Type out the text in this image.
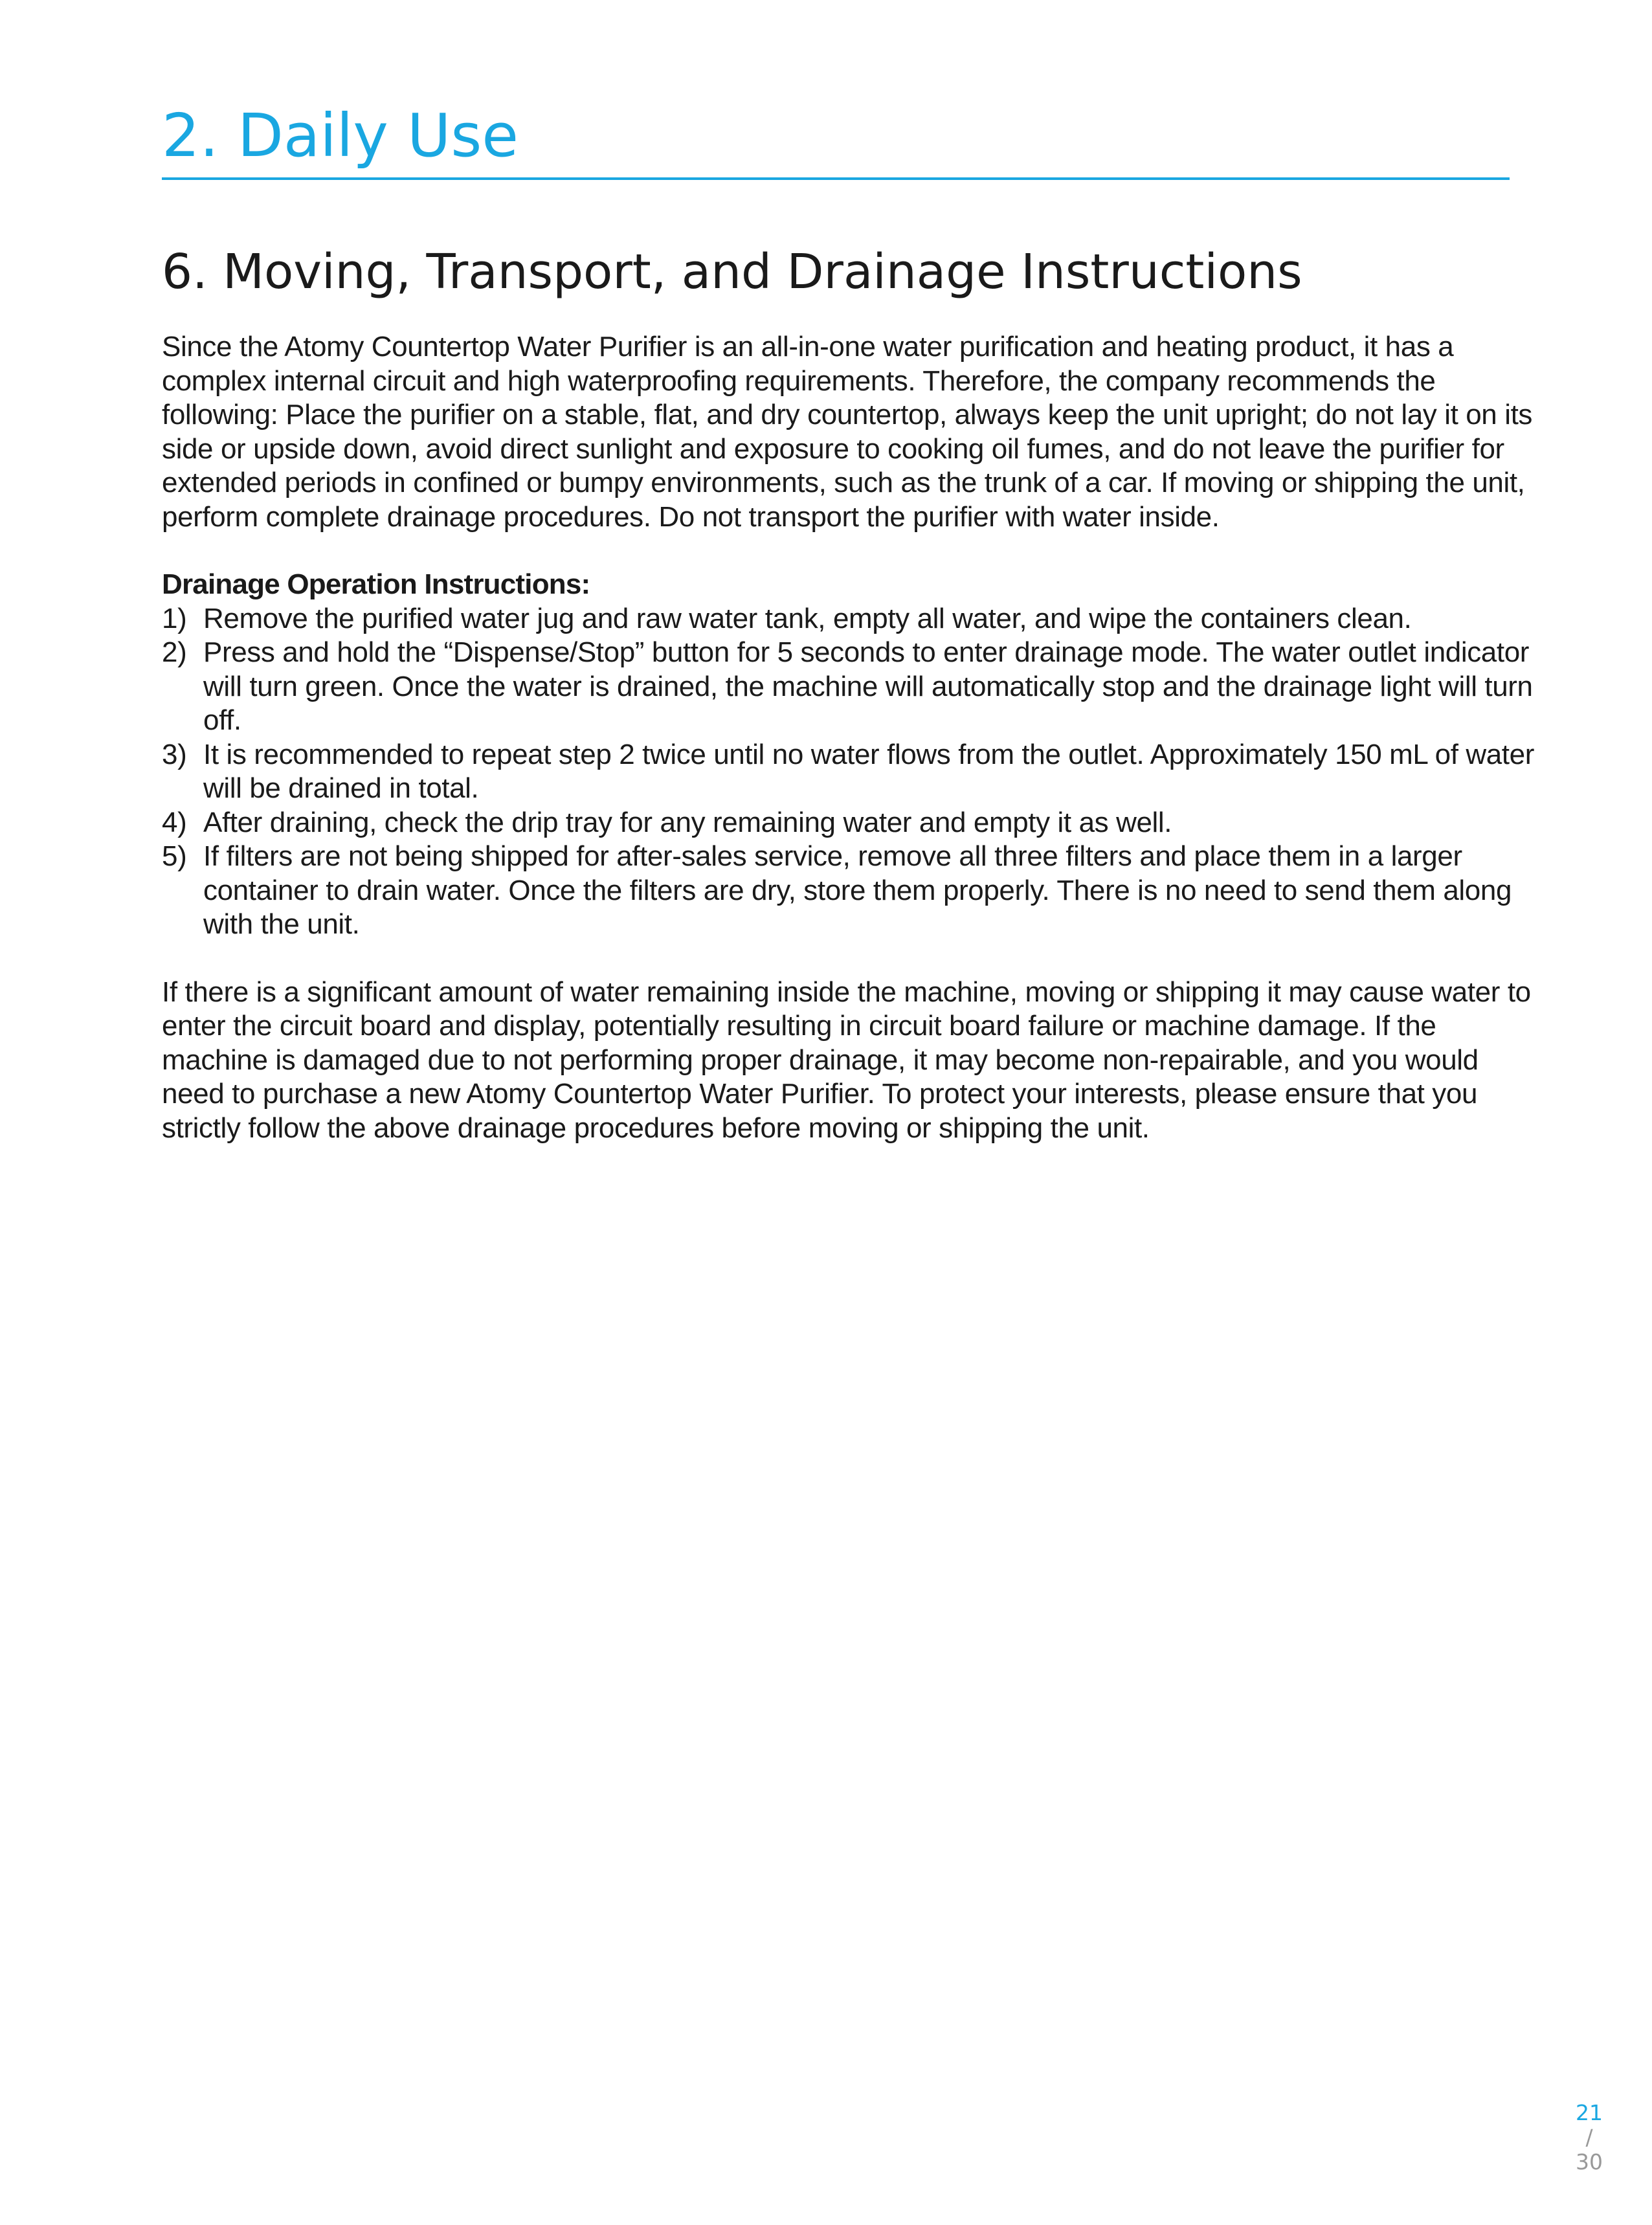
2. Daily Use
6. Moving, Transport, and Drainage Instructions

Since the Atomy Countertop Water Purifier is an all-in-one water purification and heating product, it has a complex internal circuit and high waterproofing requirements. Therefore, the company recommends the following: Place the purifier on a stable, flat, and dry countertop, always keep the unit upright; do not lay it on its side or upside down, avoid direct sunlight and exposure to cooking oil fumes, and do not leave the purifier for extended periods in confined or bumpy environments, such as the trunk of a car. If moving or shipping the unit, perform complete drainage procedures. Do not transport the purifier with water inside.

Drainage Operation Instructions:

1) Remove the purified water jug and raw water tank, empty all water, and wipe the containers clean.
2) Press and hold the “Dispense/Stop” button for 5 seconds to enter drainage mode. The water outlet indicator will turn green. Once the water is drained, the machine will automatically stop and the drainage light will turn off.
3) It is recommended to repeat step 2 twice until no water flows from the outlet. Approximately 150 mL of water will be drained in total.
4) After draining, check the drip tray for any remaining water and empty it as well.
5) If filters are not being shipped for after-sales service, remove all three filters and place them in a larger container to drain water. Once the filters are dry, store them properly. There is no need to send them along with the unit.

If there is a significant amount of water remaining inside the machine, moving or shipping it may cause water to enter the circuit board and display, potentially resulting in circuit board failure or machine damage. If the machine is damaged due to not performing proper drainage, it may become non-repairable, and you would need to purchase a new Atomy Countertop Water Purifier. To protect your interests, please ensure that you strictly follow the above drainage procedures before moving or shipping the unit.

21
/
30
